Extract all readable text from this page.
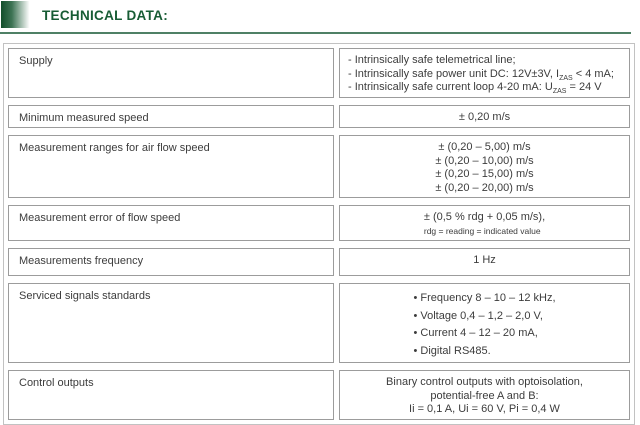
TECHNICAL DATA:
Supply	- Intrinsically safe telemetrical line;
- Intrinsically safe power unit DC: 12V±3V, $I_{ZAS} < 4$ mA;
- Intrinsically safe current loop 4-20 mA: $U_{ZAS} = 24$ V
Minimum measured speed	± 0,20 m/s
Measurement ranges for air flow speed	± (0,20 – 5,00) m/s
± (0,20 – 10,00) m/s
± (0,20 – 15,00) m/s
± (0,20 – 20,00) m/s
Measurement error of flow speed	± (0,5 % rdg + 0,05 m/s),
rdg = reading = indicated value
Measurements frequency	1 Hz
Serviced signals standards	• Frequency 8 – 10 – 12 kHz,
• Voltage 0,4 – 1,2 – 2,0 V,
• Current 4 – 12 – 20 mA,
• Digital RS485.
Control outputs	Binary control outputs with optoisolation,
potential-free A and B:
Ii = 0,1 A, Ui = 60 V, Pi = 0,4 W
